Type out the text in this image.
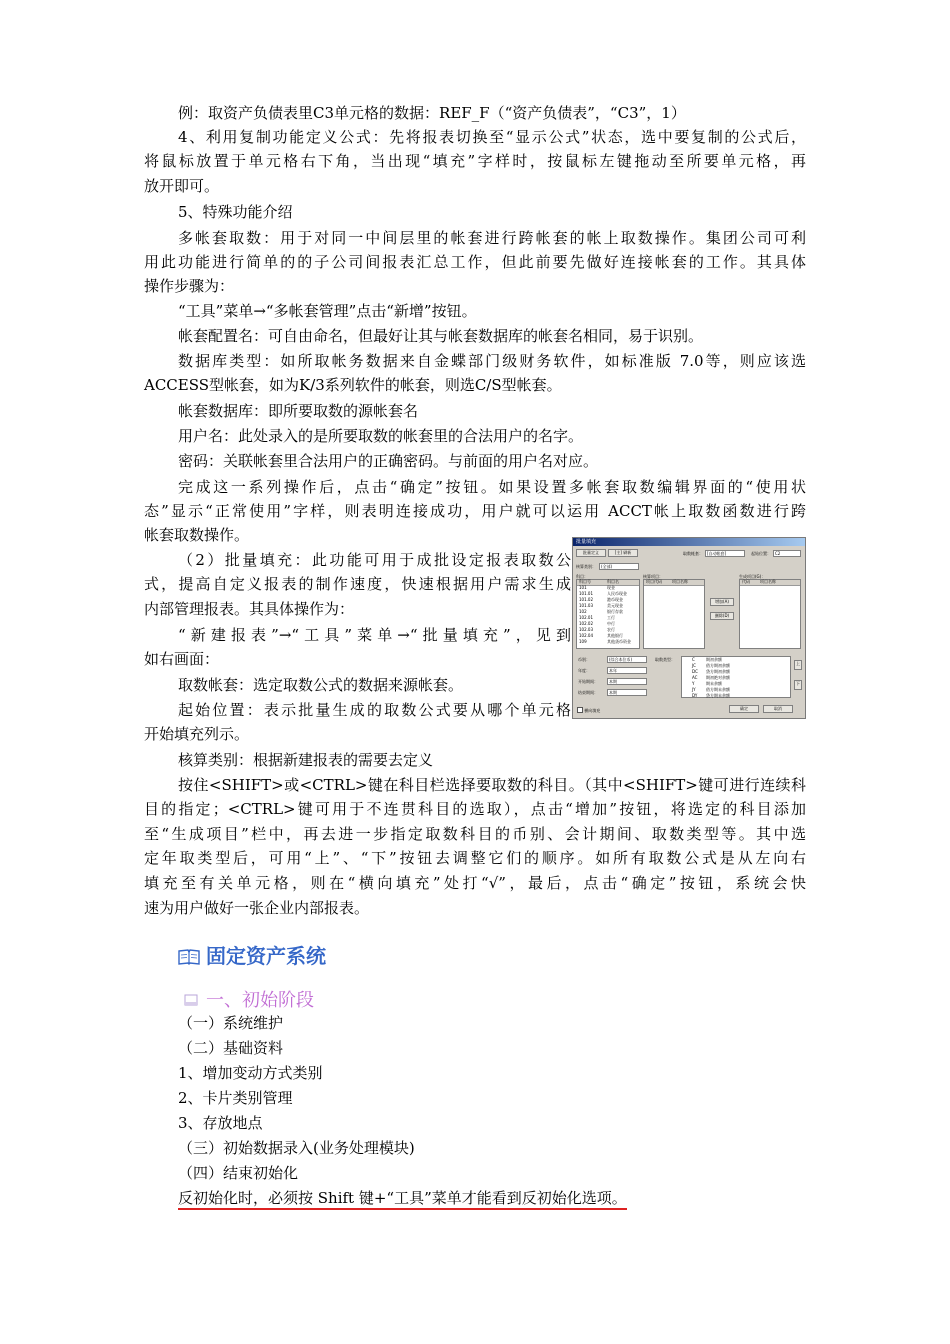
例：取资产负债表里C3单元格的数据：REF_F（“资产负债表”，“C3”，1）

4、利用复制功能定义公式：先将报表切换至“显示公式”状态，选中要复制的公式后，

将鼠标放置于单元格右下角，当出现“填充”字样时，按鼠标左键拖动至所要单元格，再

放开即可。

5、特殊功能介绍

多帐套取数：用于对同一中间层里的帐套进行跨帐套的帐上取数操作。集团公司可利

用此功能进行简单的的子公司间报表汇总工作，但此前要先做好连接帐套的工作。其具体

操作步骤为：

“工具”菜单→“多帐套管理”点击“新增”按钮。

帐套配置名：可自由命名，但最好让其与帐套数据库的帐套名相同，易于识别。

数据库类型：如所取帐务数据来自金蝶部门级财务软件，如标准版 7.0等，则应该选

ACCESS型帐套，如为K/3系列软件的帐套，则选C/S型帐套。

帐套数据库：即所要取数的源帐套名

用户名：此处录入的是所要取数的帐套里的合法用户的名字。

密码：关联帐套里合法用户的正确密码。与前面的用户名对应。

完成这一系列操作后，点击“确定”按钮。如果设置多帐套取数编辑界面的“使用状

态”显示“正常使用”字样，则表明连接成功，用户就可以运用 ACCT帐上取数函数进行跨

帐套取数操作。

（2）批量填充：此功能可用于成批设定报表取数公

式，提高自定义报表的制作速度，快速根据用户需求生成

内部管理报表。其具体操作为：

“新建报表”→“工具”菜单→“批量填充”，见到

如右画面：

取数帐套：选定取数公式的数据来源帐套。

起始位置：表示批量生成的取数公式要从哪个单元格

开始填充列示。

核算类别：根据新建报表的需要去定义

按住<SHIFT>或<CTRL>键在科目栏选择要取数的科目。（其中<SHIFT>键可进行连续科

目的指定；<CTRL>键可用于不连贯科目的选取），点击“增加”按钮，将选定的科目添加

至“生成项目”栏中，再去进一步指定取数科目的币别、会计期间、取数类型等。其中选

定年取类型后，可用“上”、“下”按钮去调整它们的顺序。如所有取数公式是从左向右

填充至有关单元格，则在“横向填充”处打“√”，最后，点击“确定”按钮，系统会快

速为用户做好一张企业内部报表。

固定资产系统
一、初始阶段

（一）系统维护

（二）基础资料

1、增加变动方式类别

2、卡片类别管理

3、存放地点

（三）初始数据录入(业务处理模块)

（四）结束初始化

反初始化时，必须按 Shift 键+“工具”菜单才能看到反初始化选项。

批量填充
批量定义	[主] 刷新	取数帐套：	[自动帐套]	起始位置：	C2
核算类别：	(全部)
科目：
科目号	科目名
101	现金
101.01	人民币现金
101.02	港币现金
101.03	美元现金
102	银行存款
102.01	工行
102.02	中行
102.03	农行
102.04	其他银行
109	其他货币资金
核算项目：
项目代码	项目名称
增加(A)
删除(D)
生成项目(G)：
代码	项目名称
币别：	(综合本位币)
年度：	本年
开始期间：	本期
结束期间：	本期
取数类型：	C	期初余额
JC	借方期初余额
DC 贷方期初余额
AC 期初绝对余额
Y	期末余额
JY	借方期末余额
DY 贷方期末余额
上
下
横向填充	确定	取消
